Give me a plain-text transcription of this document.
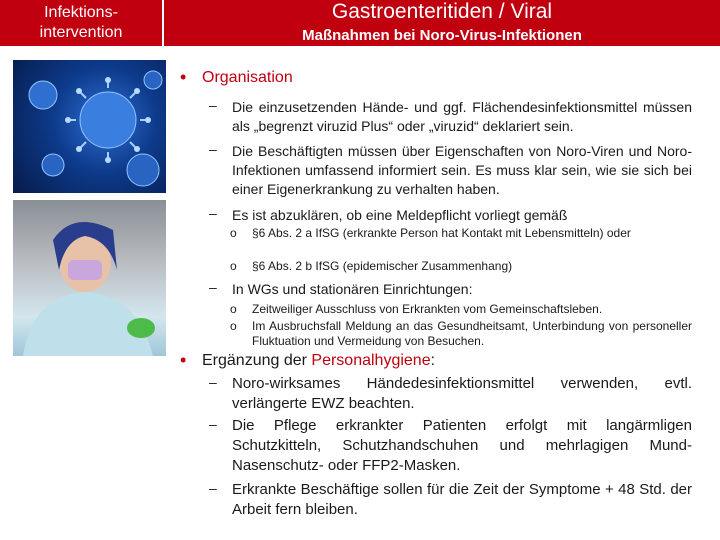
Infektions-
intervention
Gastroenteritiden / Viral
Maßnahmen bei Noro-Virus-Infektionen
• Organisation
– Die einzusetzenden Hände- und ggf. Flächendesinfektionsmittel müssen als „begrenzt viruzid Plus“ oder „viruzid“ deklariert sein.
– Die Beschäftigten müssen über Eigenschaften von Noro-Viren und Noro-Infektionen umfassend informiert sein. Es muss klar sein, wie sie sich bei einer Eigenerkrankung zu verhalten haben.
– Es ist abzuklären, ob eine Meldepflicht vorliegt gemäß
o §6 Abs. 2 a IfSG (erkrankte Person hat Kontakt mit Lebensmitteln) oder
o §6 Abs. 2 b IfSG (epidemischer Zusammenhang)
– In WGs und stationären Einrichtungen:
o Zeitweiliger Ausschluss von Erkrankten vom Gemeinschaftsleben.
o Im Ausbruchsfall Meldung an das Gesundheitsamt, Unterbindung von personeller Fluktuation und Vermeidung von Besuchen.
• Ergänzung der Personalhygiene:
– Noro-wirksames Händedesinfektionsmittel verwenden, evtl. verlängerte EWZ beachten.
– Die Pflege erkrankter Patienten erfolgt mit langärmligen Schutzkitteln, Schutzhandschuhen und mehrlagigen Mund-Nasenschutz- oder FFP2-Masken.
– Erkrankte Beschäftige sollen für die Zeit der Symptome + 48 Std. der Arbeit fern bleiben.
